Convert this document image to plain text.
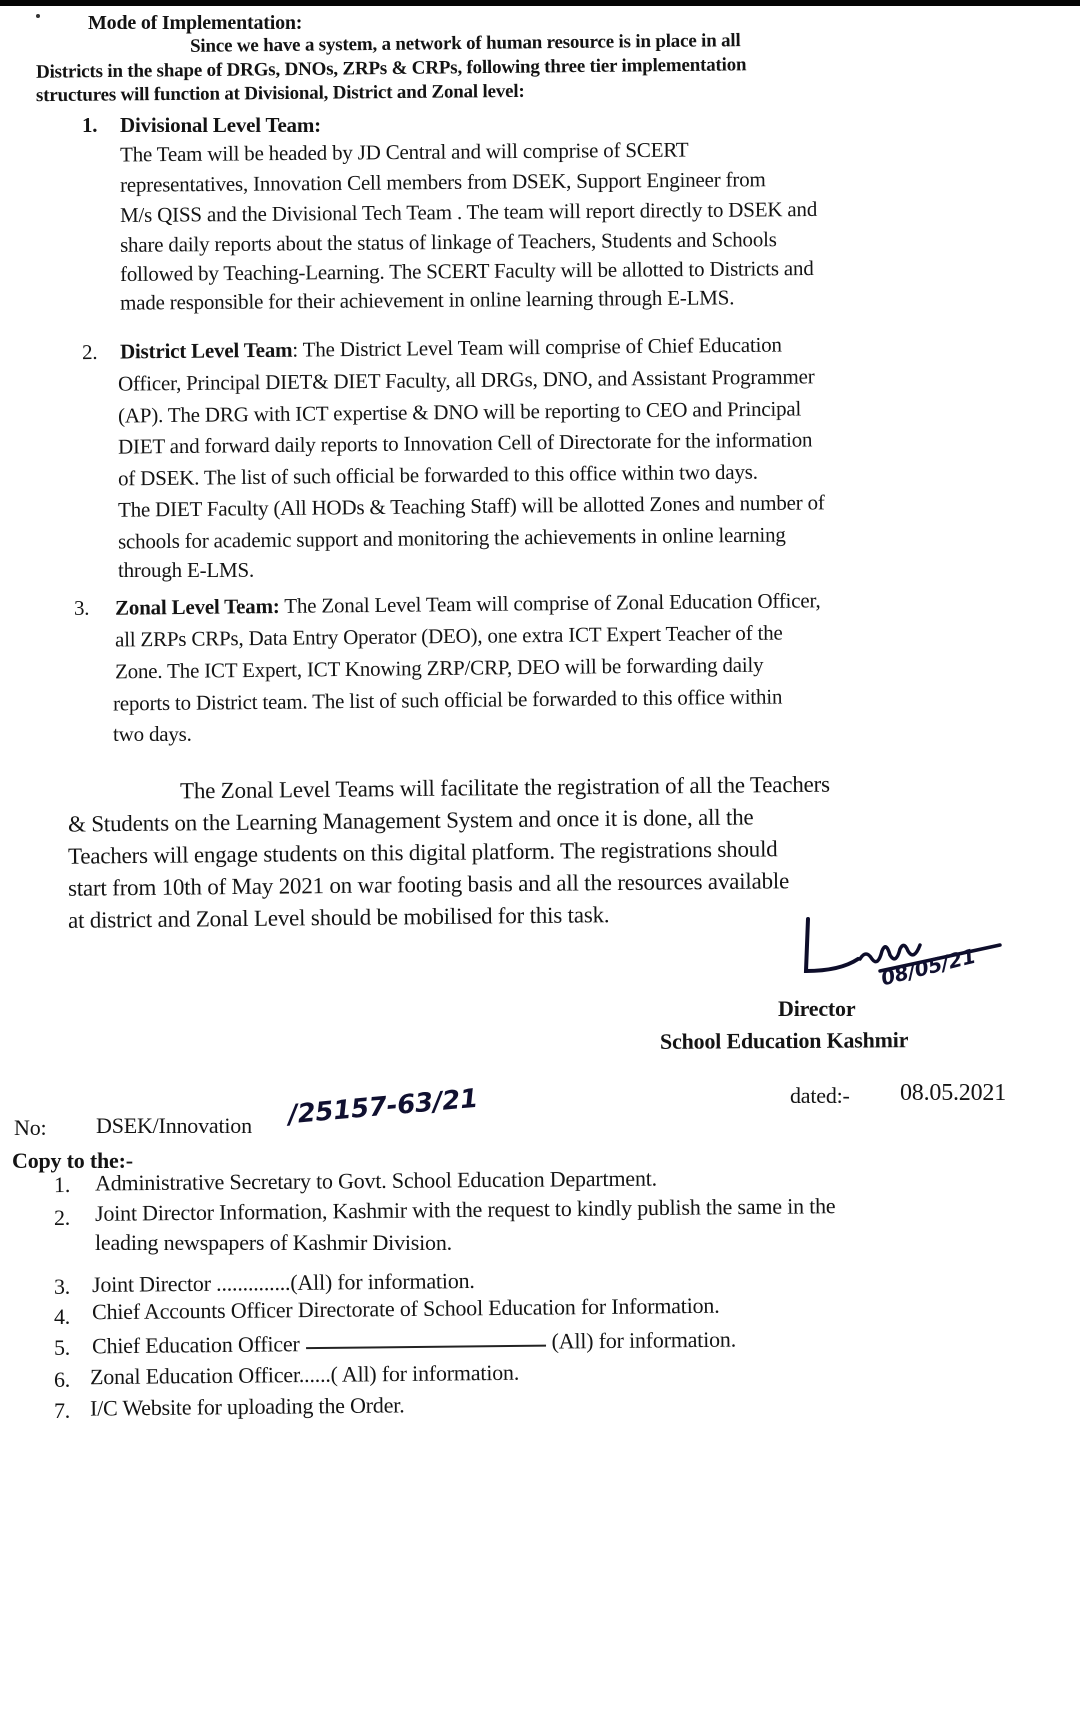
Mode of Implementation:
Since we have a system, a network of human resource is in place in all
Districts in the shape of DRGs, DNOs, ZRPs & CRPs, following three tier implementation
structures will function at Divisional, District and Zonal level:
1. Divisional Level Team:
The Team will be headed by JD Central and will comprise of SCERT
representatives, Innovation Cell members from DSEK, Support Engineer from
M/s QISS and the Divisional Tech Team . The team will report directly to DSEK and
share daily reports about the status of linkage of Teachers, Students and Schools
followed by Teaching-Learning. The SCERT Faculty will be allotted to Districts and
made responsible for their achievement in online learning through E-LMS.
2. District Level Team: The District Level Team will comprise of Chief Education
Officer, Principal DIET& DIET Faculty, all DRGs, DNO, and Assistant Programmer
(AP). The DRG with ICT expertise & DNO will be reporting to CEO and Principal
DIET and forward daily reports to Innovation Cell of Directorate for the information
of DSEK. The list of such official be forwarded to this office within two days.
The DIET Faculty (All HODs & Teaching Staff) will be allotted Zones and number of
schools for academic support and monitoring the achievements in online learning
through E-LMS.
3. Zonal Level Team: The Zonal Level Team will comprise of Zonal Education Officer,
all ZRPs CRPs, Data Entry Operator (DEO), one extra ICT Expert Teacher of the
Zone. The ICT Expert, ICT Knowing ZRP/CRP, DEO will be forwarding daily
reports to District team. The list of such official be forwarded to this office within
two days.
The Zonal Level Teams will facilitate the registration of all the Teachers
& Students on the Learning Management System and once it is done, all the
Teachers will engage students on this digital platform. The registrations should
start from 10th of May 2021 on war footing basis and all the resources available
at district and Zonal Level should be mobilised for this task.
08/05/21
Director
School Education Kashmir
dated:- 08.05.2021
No: DSEK/Innovation /25157-63/21
Copy to the:-
1. Administrative Secretary to Govt. School Education Department.
2. Joint Director Information, Kashmir with the request to kindly publish the same in the
leading newspapers of Kashmir Division.
3. Joint Director ..............(All) for information.
4. Chief Accounts Officer Directorate of School Education for Information.
5. Chief Education Officer	(All) for information.
6. Zonal Education Officer......( All) for information.
7. I/C Website for uploading the Order.
